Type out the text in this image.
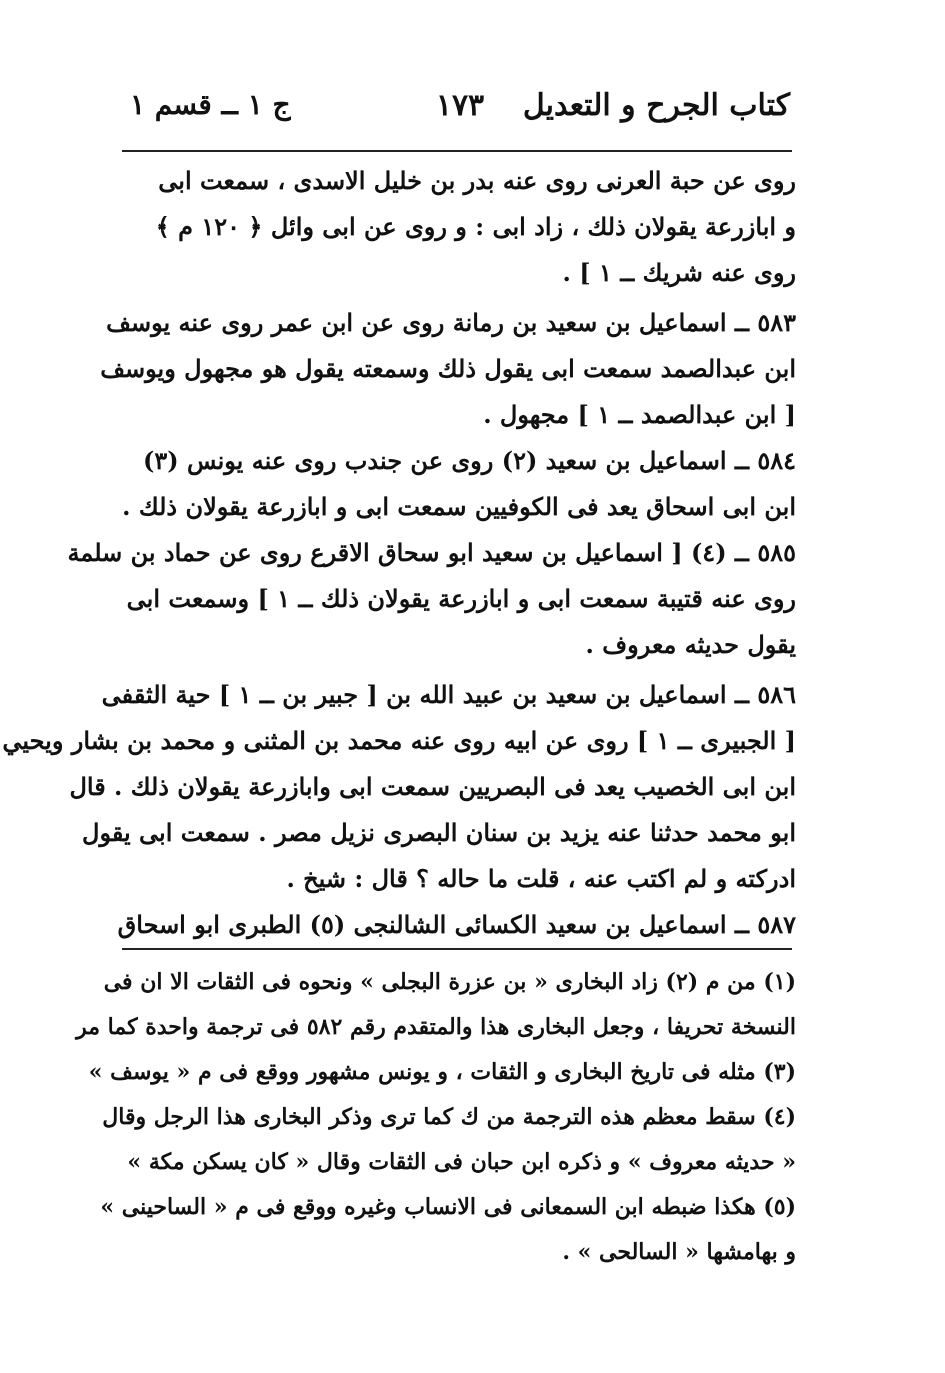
كتاب الجرح و التعديل
١٧٣
ج ١ ــ قسم ١
روى عن حبة العرنى روى عنه بدر بن خليل الاسدى ، سمعت ابى
و ابازرعة يقولان ذلك ، زاد ابى : و روى عن ابى وائل ﴿ ١٢٠ م ﴾
روى عنه شريك ــ ١ ] .
٥٨٣ ــ اسماعيل بن سعيد بن رمانة روى عن ابن عمر روى عنه يوسف
ابن عبدالصمد سمعت ابى يقول ذلك وسمعته يقول هو مجهول ويوسف
[ ابن عبدالصمد ــ ١ ] مجهول .
٥٨٤ ــ اسماعيل بن سعيد (٢) روى عن جندب روى عنه يونس (٣)
ابن ابى اسحاق يعد فى الكوفيين سمعت ابى و ابازرعة يقولان ذلك .
٥٨٥ ــ (٤) [ اسماعيل بن سعيد ابو سحاق الاقرع روى عن حماد بن سلمة
روى عنه قتيبة سمعت ابى و ابازرعة يقولان ذلك ــ ١ ] وسمعت ابى
يقول حديثه معروف .
٥٨٦ ــ اسماعيل بن سعيد بن عبيد الله بن [ جبير بن ــ ١ ] حية الثقفى
[ الجبيرى ــ ١ ] روى عن ابيه روى عنه محمد بن المثنى و محمد بن بشار ويحيي
ابن ابى الخصيب يعد فى البصريين سمعت ابى وابازرعة يقولان ذلك . قال
ابو محمد حدثنا عنه يزيد بن سنان البصرى نزيل مصر . سمعت ابى يقول
ادركته و لم اكتب عنه ، قلت ما حاله ؟ قال : شيخ .
٥٨٧ ــ اسماعيل بن سعيد الكسائى الشالنجى (٥) الطبرى ابو اسحاق
(١) من م (٢) زاد البخارى « بن عزرة البجلى » ونحوه فى الثقات الا ان فى
النسخة تحريفا ، وجعل البخارى هذا والمتقدم رقم ٥٨٢ فى ترجمة واحدة كما مر
(٣) مثله فى تاريخ البخارى و الثقات ، و يونس مشهور ووقع فى م « يوسف »
(٤) سقط معظم هذه الترجمة من ك كما ترى وذكر البخارى هذا الرجل وقال
« حديثه معروف » و ذكره ابن حبان فى الثقات وقال « كان يسكن مكة »
(٥) هكذا ضبطه ابن السمعانى فى الانساب وغيره ووقع فى م « الساحينى »
و بهامشها « السالحى » .
